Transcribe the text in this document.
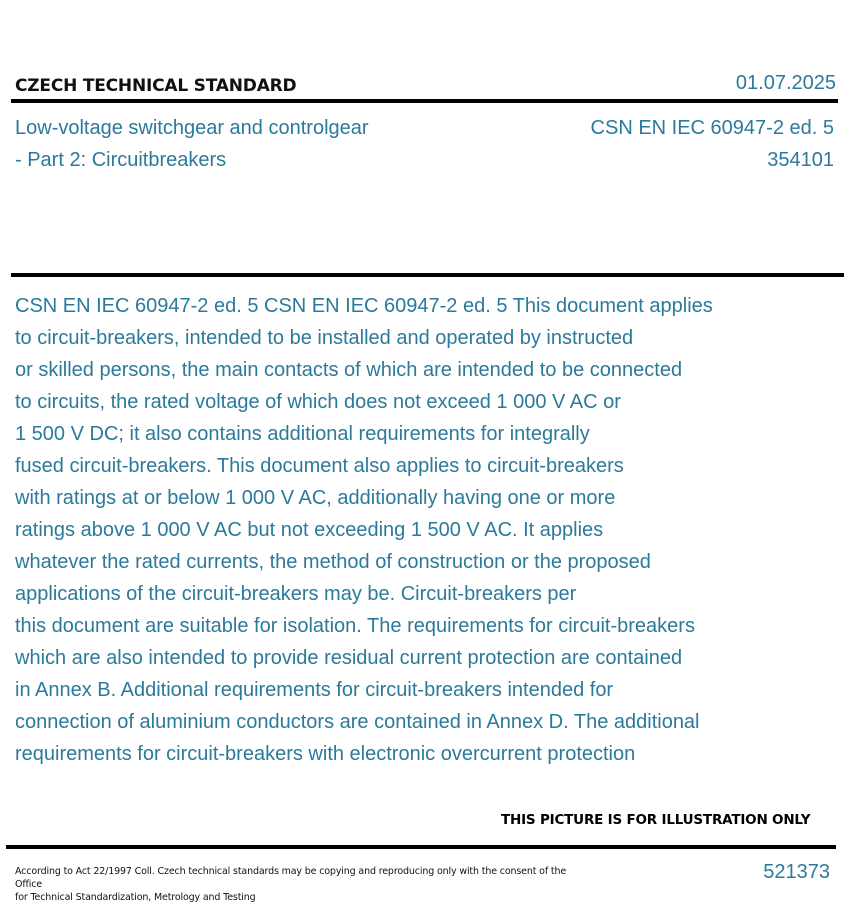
CZECH TECHNICAL STANDARD	01.07.2025
Low-voltage switchgear and controlgear
- Part 2: Circuitbreakers
CSN EN IEC 60947-2 ed. 5
354101
CSN EN IEC 60947-2 ed. 5 CSN EN IEC 60947-2 ed. 5 This document applies
to circuit-breakers, intended to be installed and operated by instructed
or skilled persons, the main contacts of which are intended to be connected
to circuits, the rated voltage of which does not exceed 1 000 V AC or
1 500 V DC; it also contains additional requirements for integrally
fused circuit-breakers. This document also applies to circuit-breakers
with ratings at or below 1 000 V AC, additionally having one or more
ratings above 1 000 V AC but not exceeding 1 500 V AC. It applies
whatever the rated currents, the method of construction or the proposed
applications of the circuit-breakers may be. Circuit-breakers per
this document are suitable for isolation. The requirements for circuit-breakers
which are also intended to provide residual current protection are contained
in Annex B. Additional requirements for circuit-breakers intended for
connection of aluminium conductors are contained in Annex D. The additional
requirements for circuit-breakers with electronic overcurrent protection
THIS PICTURE IS FOR ILLUSTRATION ONLY
According to Act 22/1997 Coll. Czech technical standards may be copying and reproducing only with the consent of the Office
for Technical Standardization, Metrology and Testing
521373
